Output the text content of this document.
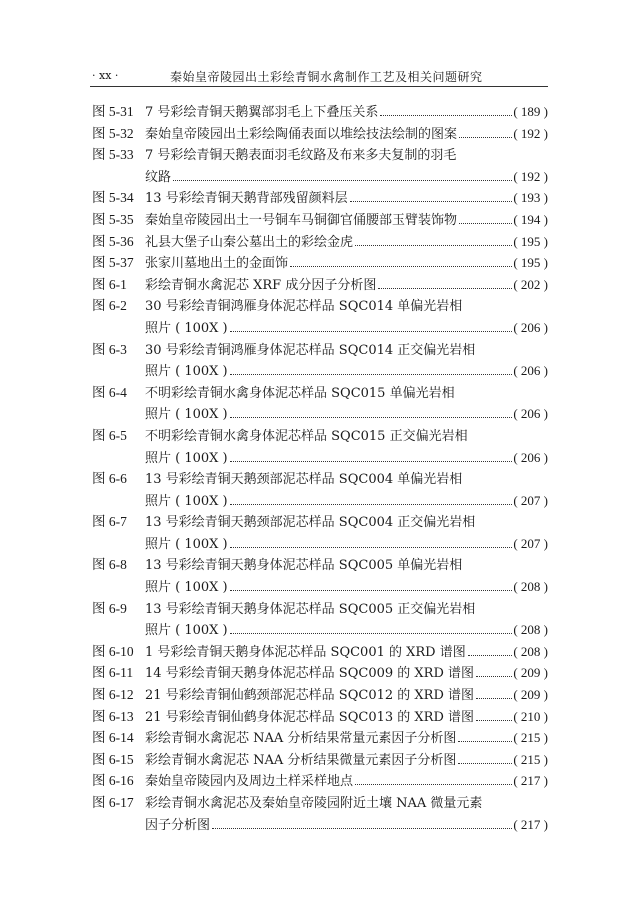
· xx ·	秦始皇帝陵园出土彩绘青铜水禽制作工艺及相关问题研究
图 5-31 7 号彩绘青铜天鹅翼部羽毛上下叠压关系	( 189 )
图 5-32 秦始皇帝陵园出土彩绘陶俑表面以堆绘技法绘制的图案	( 192 )
图 5-33 7 号彩绘青铜天鹅表面羽毛纹路及布来多夫复制的羽毛
纹路	( 192 )
图 5-34 13 号彩绘青铜天鹅背部残留颜料层	( 193 )
图 5-35 秦始皇帝陵园出土一号铜车马铜御官俑腰部玉臂装饰物	( 194 )
图 5-36 礼县大堡子山秦公墓出土的彩绘金虎	( 195 )
图 5-37 张家川墓地出土的金面饰	( 195 )
图 6-1	彩绘青铜水禽泥芯 XRF 成分因子分析图	( 202 )
图 6-2	30 号彩绘青铜鸿雁身体泥芯样品 SQC014 单偏光岩相
照片 ( 100X )	( 206 )
图 6-3	30 号彩绘青铜鸿雁身体泥芯样品 SQC014 正交偏光岩相
照片 ( 100X )	( 206 )
图 6-4	不明彩绘青铜水禽身体泥芯样品 SQC015 单偏光岩相
照片 ( 100X )	( 206 )
图 6-5	不明彩绘青铜水禽身体泥芯样品 SQC015 正交偏光岩相
照片 ( 100X )	( 206 )
图 6-6	13 号彩绘青铜天鹅颈部泥芯样品 SQC004 单偏光岩相
照片 ( 100X )	( 207 )
图 6-7	13 号彩绘青铜天鹅颈部泥芯样品 SQC004 正交偏光岩相
照片 ( 100X )	( 207 )
图 6-8	13 号彩绘青铜天鹅身体泥芯样品 SQC005 单偏光岩相
照片 ( 100X )	( 208 )
图 6-9	13 号彩绘青铜天鹅身体泥芯样品 SQC005 正交偏光岩相
照片 ( 100X )	( 208 )
图 6-10 1 号彩绘青铜天鹅身体泥芯样品 SQC001 的 XRD 谱图	( 208 )
图 6-11 14 号彩绘青铜天鹅身体泥芯样品 SQC009 的 XRD 谱图	( 209 )
图 6-12 21 号彩绘青铜仙鹤颈部泥芯样品 SQC012 的 XRD 谱图	( 209 )
图 6-13 21 号彩绘青铜仙鹤身体泥芯样品 SQC013 的 XRD 谱图	( 210 )
图 6-14 彩绘青铜水禽泥芯 NAA 分析结果常量元素因子分析图	( 215 )
图 6-15 彩绘青铜水禽泥芯 NAA 分析结果微量元素因子分析图	( 215 )
图 6-16 秦始皇帝陵园内及周边土样采样地点	( 217 )
图 6-17 彩绘青铜水禽泥芯及秦始皇帝陵园附近土壤 NAA 微量元素
因子分析图	( 217 )
